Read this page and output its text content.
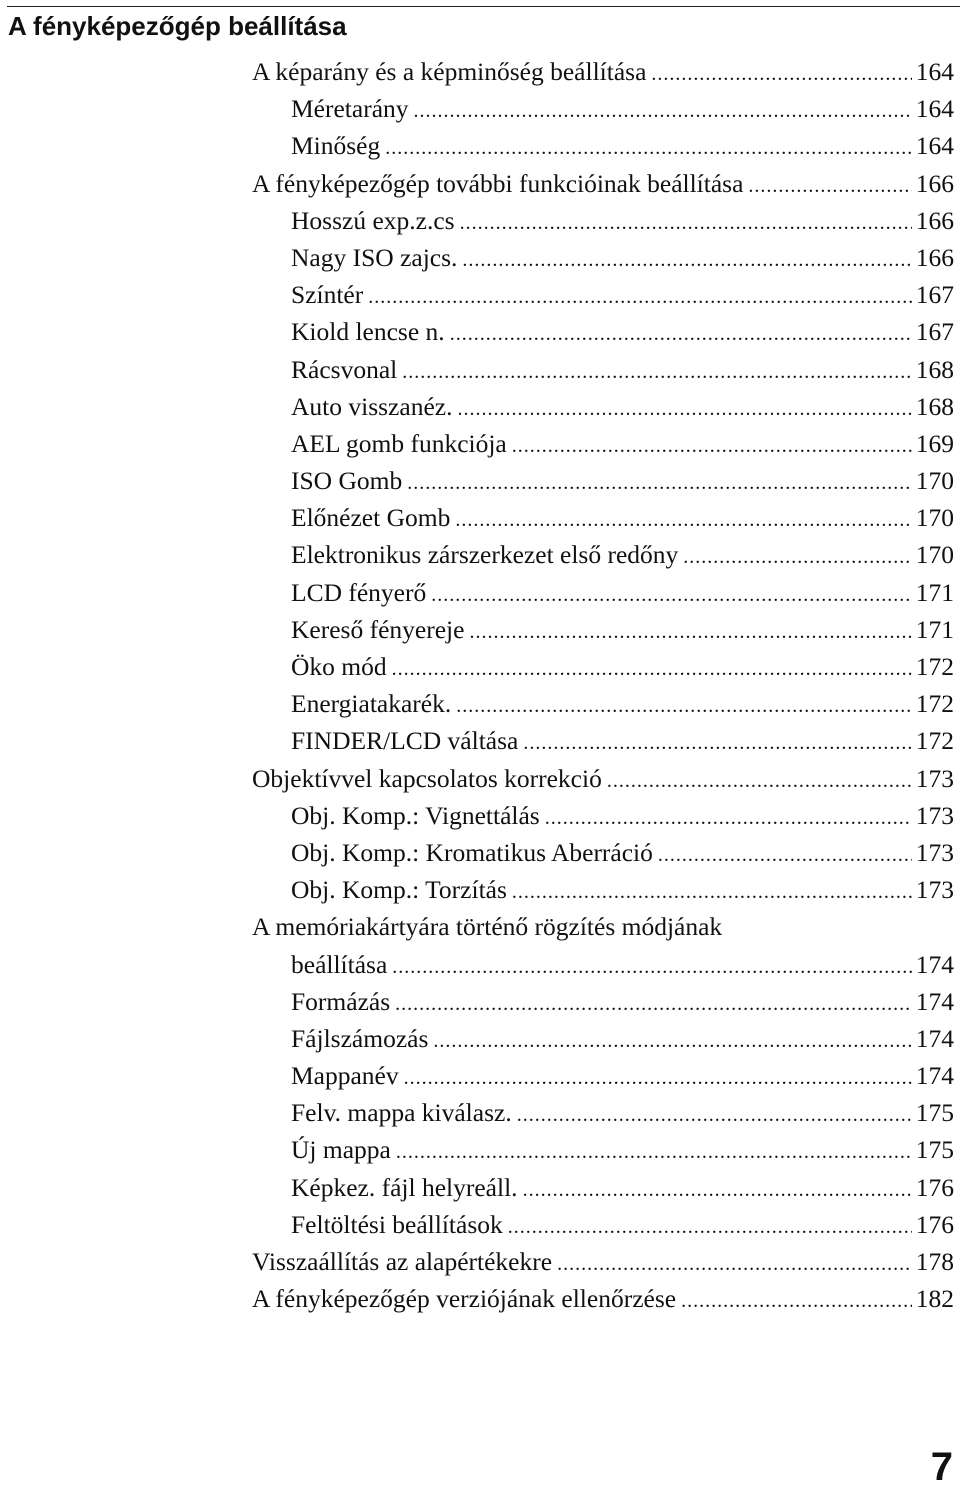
A fényképezőgép beállítása
A képarány és a képminőség beállítása .....	164
Méretarány .....	164
Minőség .....	164
A fényképezőgép további funkcióinak beállítása .....	166
Hosszú exp.z.cs .....	166
Nagy ISO zajcs. .....	166
Színtér .....	167
Kiold lencse n. .....	167
Rácsvonal .....	168
Auto visszanéz. .....	168
AEL gomb funkciója .....	169
ISO Gomb .....	170
Előnézet Gomb .....	170
Elektronikus zárszerkezet első redőny .....	170
LCD fényerő .....	171
Kereső fényereje .....	171
Öko mód .....	172
Energiatakarék. .....	172
FINDER/LCD váltása .....	172
Objektívvel kapcsolatos korrekció .....	173
Obj. Komp.: Vignettálás .....	173
Obj. Komp.: Kromatikus Aberráció .....	173
Obj. Komp.: Torzítás .....	173
A memóriakártyára történő rögzítés módjának
beállítása .....	174
Formázás .....	174
Fájlszámozás .....	174
Mappanév .....	174
Felv. mappa kiválasz. .....	175
Új mappa .....	175
Képkez. fájl helyreáll. .....	176
Feltöltési beállítások .....	176
Visszaállítás az alapértékekre .....	178
A fényképezőgép verziójának ellenőrzése .....	182
7
